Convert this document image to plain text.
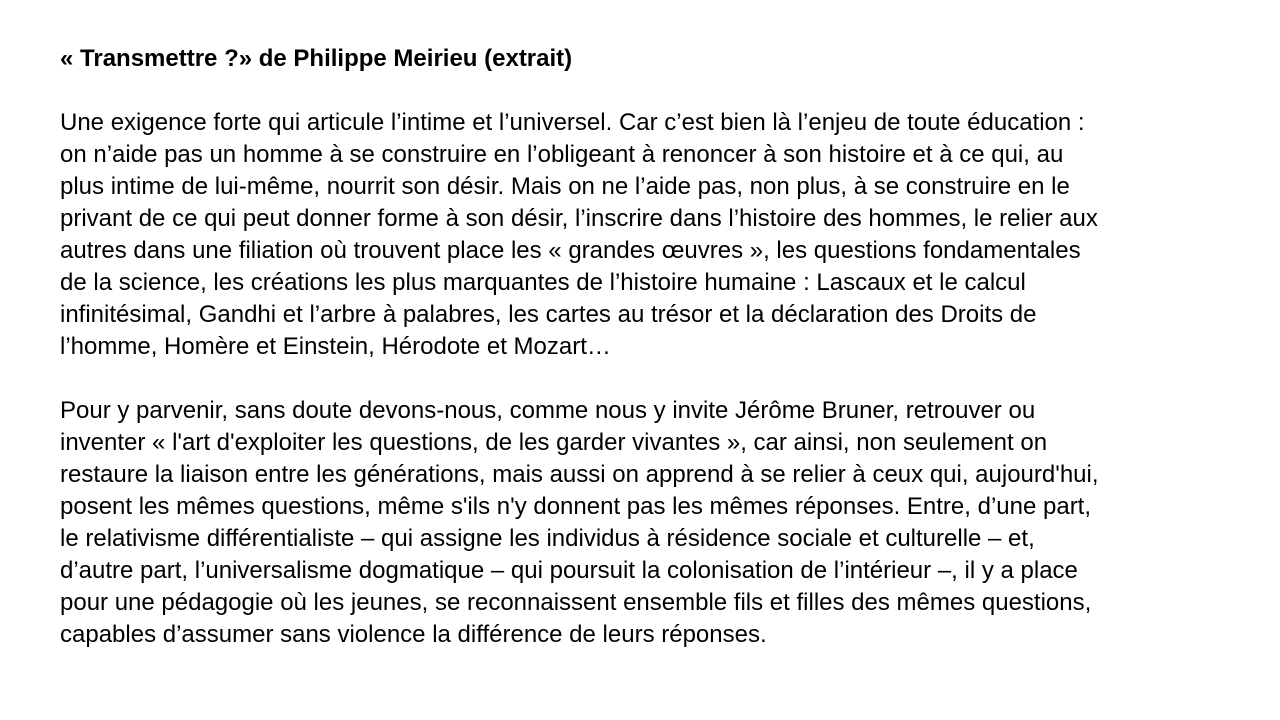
« Transmettre ?» de Philippe Meirieu (extrait)

Une exigence forte qui articule l’intime et l’universel. Car c’est bien là l’enjeu de toute éducation :
on n’aide pas un homme à se construire en l’obligeant à renoncer à son histoire et à ce qui, au
plus intime de lui-même, nourrit son désir. Mais on ne l’aide pas, non plus, à se construire en le
privant de ce qui peut donner forme à son désir, l’inscrire dans l’histoire des hommes, le relier aux
autres dans une filiation où trouvent place les « grandes œuvres », les questions fondamentales
de la science, les créations les plus marquantes de l’histoire humaine : Lascaux et le calcul
infinitésimal, Gandhi et l’arbre à palabres, les cartes au trésor et la déclaration des Droits de
l’homme, Homère et Einstein, Hérodote et Mozart…
Pour y parvenir, sans doute devons-nous, comme nous y invite Jérôme Bruner, retrouver ou
inventer « l'art d'exploiter les questions, de les garder vivantes », car ainsi, non seulement on
restaure la liaison entre les générations, mais aussi on apprend à se relier à ceux qui, aujourd'hui,
posent les mêmes questions, même s'ils n'y donnent pas les mêmes réponses. Entre, d’une part,
le relativisme différentialiste – qui assigne les individus à résidence sociale et culturelle – et,
d’autre part, l’universalisme dogmatique – qui poursuit la colonisation de l’intérieur –, il y a place
pour une pédagogie où les jeunes, se reconnaissent ensemble fils et filles des mêmes questions,
capables d’assumer sans violence la différence de leurs réponses.
